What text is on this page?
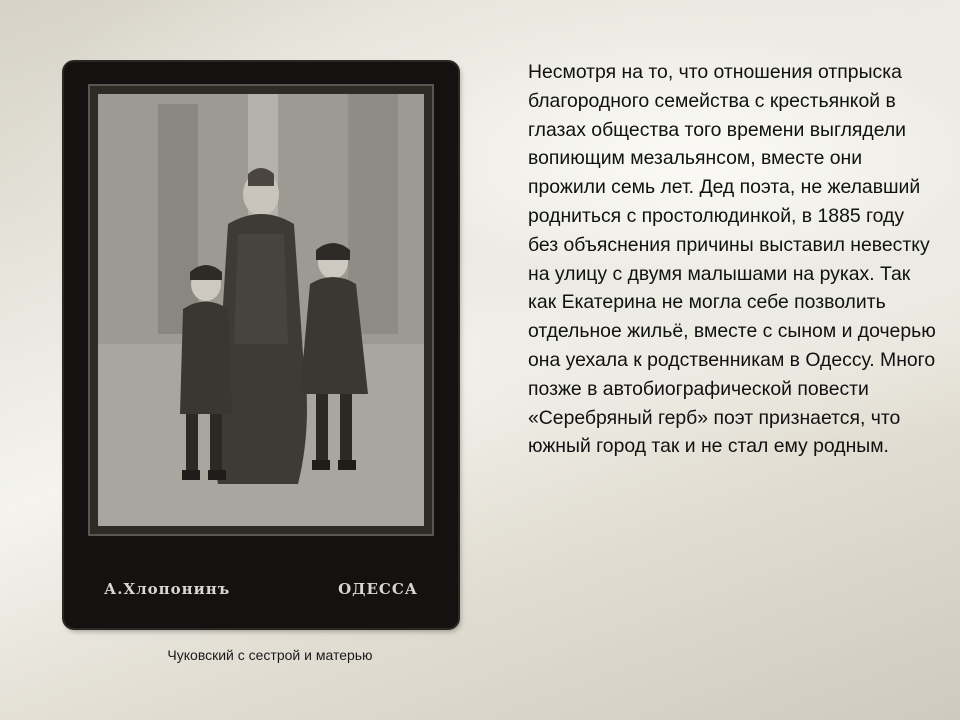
А.Хлопонинъ	ОДЕССА
Чуковский с сестрой и матерью

Несмотря на то, что отношения отпрыска благородного семейства с крестьянкой в глазах общества того времени выглядели вопиющим мезальянсом, вместе они прожили семь лет. Дед поэта, не желавший родниться с простолюдинкой, в 1885 году без объяснения причины выставил невестку на улицу с двумя малышами на руках. Так как Екатерина не могла себе позволить отдельное жильё, вместе с сыном и дочерью она уехала к родственникам в Одессу. Много позже в автобиографической повести «Серебряный герб» поэт признается, что южный город так и не стал ему родным.
